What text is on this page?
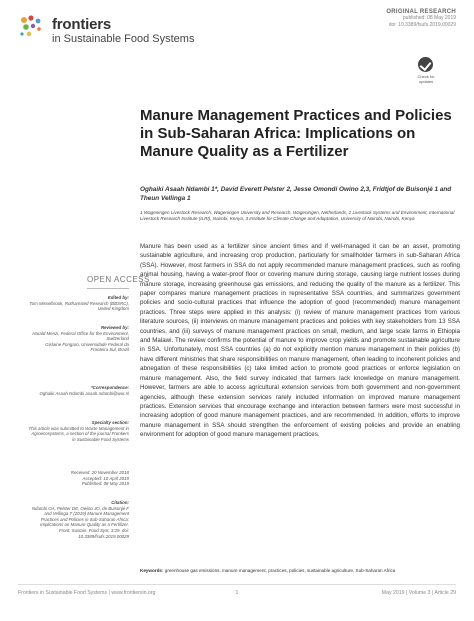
frontiers
in Sustainable Food Systems
ORIGINAL RESEARCH
published: 08 May 2019
doi: 10.3389/fsufs.2019.00029
Check for updates
Manure Management Practices and Policies in Sub-Saharan Africa: Implications on Manure Quality as a Fertilizer
Oghaiki Asaah Ndambi 1*, David Everett Pelster 2, Jesse Omondi Owino 2,3, Fridtjof de Buisonjé 1 and Theun Vellinga 1
1 Wageningen Livestock Research, Wageningen University and Research, Wageningen, Netherlands, 2 Livestock Systems and Environment, International Livestock Research Institute (ILRI), Nairobi, Kenya, 3 Institute for Climate Change and Adaptation, University of Nairobi, Nairobi, Kenya
OPEN ACCESS
Edited by:
Tom Misselbrook, Rothamsted Research (BBSRC), United Kingdom
Reviewed by:
Harald Menzi, Federal Office for the Environment, Switzerland
Gislaine Fongaro, Universidade Federal da Fronteira Sul, Brazil
*Correspondence:
Oghaiki Asaah Ndambi asaah.ndambi@wur.nl
Specialty section:
This article was submitted to Waste Management in Agroecosystems, a section of the journal Frontiers in Sustainable Food Systems
Received: 20 November 2018
Accepted: 10 April 2019
Published: 08 May 2019
Citation:
Ndambi OA, Pelster DE, Owino JO, de Buisonjé F and Vellinga T (2019) Manure Management Practices and Policies in Sub-Saharan Africa: Implications on Manure Quality as a Fertilizer. Front. Sustain. Food Syst. 3:29. doi: 10.3389/fsufs.2019.00029
Manure has been used as a fertilizer since ancient times and if well-managed it can be an asset, promoting sustainable agriculture, and increasing crop production, particularly for smallholder farmers in sub-Saharan Africa (SSA). However, most farmers in SSA do not apply recommended manure management practices, such as roofing animal housing, having a water-proof floor or covering manure during storage, causing large nutrient losses during manure storage, increasing greenhouse gas emissions, and reducing the quality of the manure as a fertilizer. This paper compares manure management practices in representative SSA countries, and summarizes government policies and socio-cultural practices that influence the adoption of good (recommended) manure management practices. Three steps were applied in this analysis: (i) review of manure management practices from various literature sources, (ii) interviews on manure management practices and policies with key stakeholders from 13 SSA countries, and (iii) surveys of manure management practices on small, medium, and large scale farms in Ethiopia and Malawi. The review confirms the potential of manure to improve crop yields and promote sustainable agriculture in SSA. Unfortunately, most SSA countries (a) do not explicitly mention manure management in their policies (b) have different ministries that share responsibilities on manure management, often leading to incoherent policies and abnegation of these responsibilities (c) take limited action to promote good practices or enforce legislation on manure management. Also, the field survey indicated that farmers lack knowledge on manure management. However, farmers are able to access agricultural extension services from both government and non-government agencies, although these extension services rarely included information on improved manure management practices. Extension services that encourage exchange and interaction between farmers were most successful in increasing adoption of good manure management practices, and are recommended. In addition, efforts to improve manure management in SSA should strengthen the enforcement of existing policies and provide an enabling environment for adoption of good manure management practices.
Keywords: greenhouse gas emissions, manure management, practices, policies, sustainable agriculture, Sub-Saharan Africa
Frontiers in Sustainable Food Systems | www.frontiersin.org	1	May 2019 | Volume 3 | Article 29
